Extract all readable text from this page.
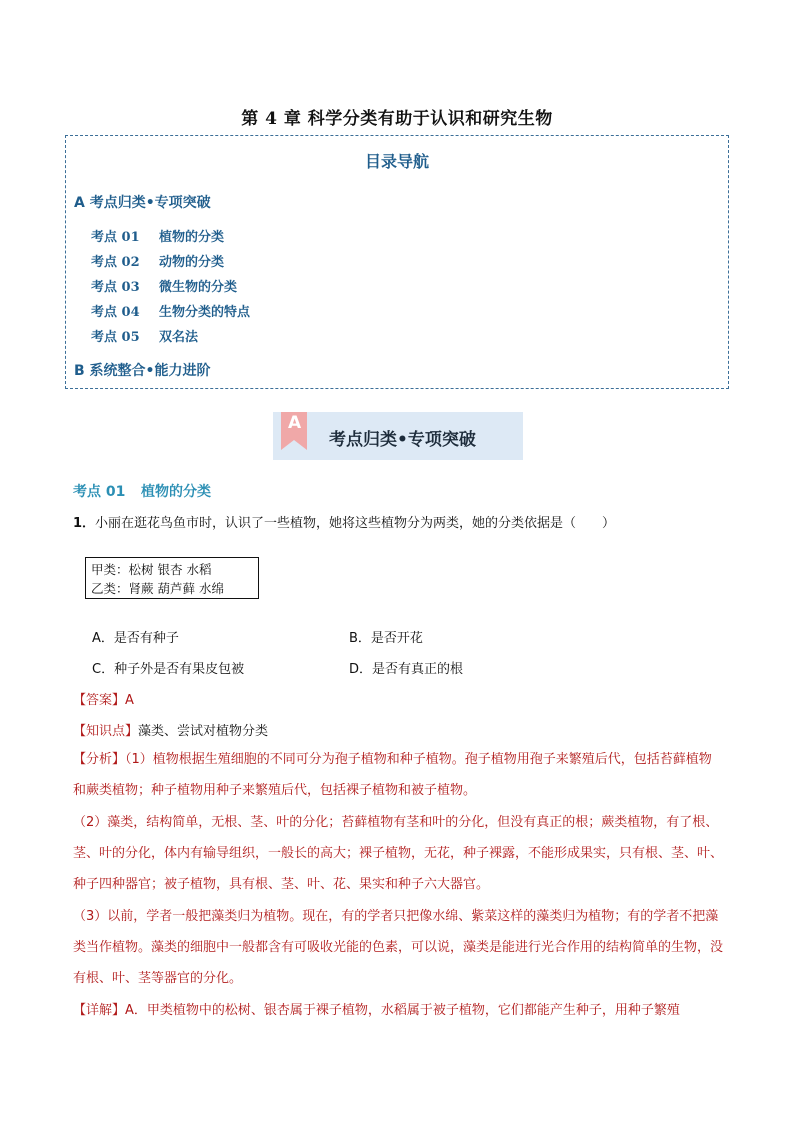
第 4 章 科学分类有助于认识和研究生物
目录导航
A 考点归类•专项突破
考点 01 植物的分类
考点 02 动物的分类
考点 03 微生物的分类
考点 04 生物分类的特点
考点 05 双名法
B 系统整合•能力进阶
A
考点归类•专项突破
考点 01 植物的分类
1．小丽在逛花鸟鱼市时，认识了一些植物，她将这些植物分为两类，她的分类依据是（　　）
甲类：松树 银杏 水稻
乙类：肾蕨 葫芦藓 水绵
A．是否有种子	B．是否开花
C．种子外是否有果皮包被	D．是否有真正的根
【答案】A
【知识点】藻类、尝试对植物分类
【分析】（1）植物根据生殖细胞的不同可分为孢子植物和种子植物。孢子植物用孢子来繁殖后代，包括苔藓植物和蕨类植物；种子植物用种子来繁殖后代，包括裸子植物和被子植物。
（2）藻类，结构简单，无根、茎、叶的分化；苔藓植物有茎和叶的分化，但没有真正的根；蕨类植物，有了根、茎、叶的分化，体内有输导组织，一般长的高大；裸子植物，无花，种子裸露，不能形成果实，只有根、茎、叶、种子四种器官；被子植物，具有根、茎、叶、花、果实和种子六大器官。
（3）以前，学者一般把藻类归为植物。现在，有的学者只把像水绵、紫菜这样的藻类归为植物；有的学者不把藻类当作植物。藻类的细胞中一般都含有可吸收光能的色素，可以说，藻类是能进行光合作用的结构简单的生物，没有根、叶、茎等器官的分化。
【详解】A．甲类植物中的松树、银杏属于裸子植物，水稻属于被子植物，它们都能产生种子，用种子繁殖
